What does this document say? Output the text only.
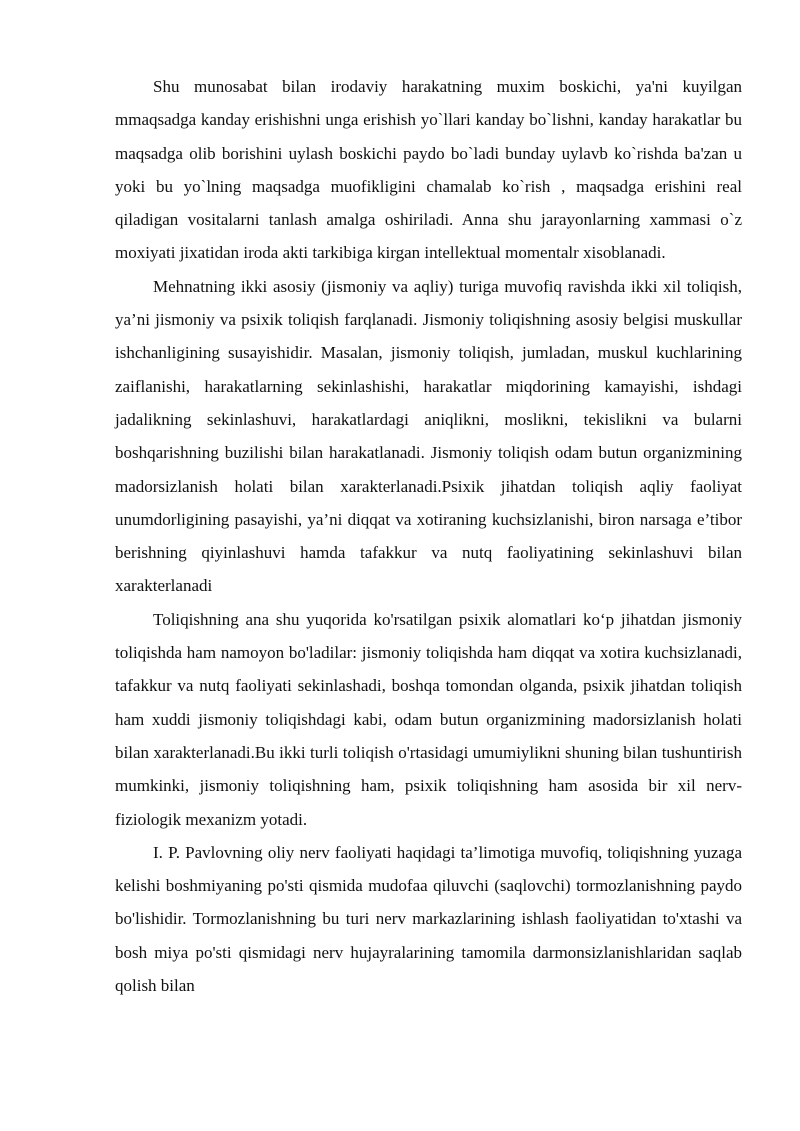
Shu munosabat bilan irodaviy harakatning muxim boskichi, ya'ni kuyilgan mmaqsadga kanday erishishni unga erishish yo`llari kanday bo`lishni, kanday harakatlar bu maqsadga olib borishini uylash boskichi paydo bo`ladi bunday uylavb ko`rishda ba'zan u yoki bu yo`lning maqsadga muofikligini chamalab ko`rish , maqsadga erishini real qiladigan vositalarni tanlash amalga oshiriladi. Anna shu jarayonlarning xammasi o`z moxiyati jixatidan iroda akti tarkibiga kirgan intellektual momentalr xisoblanadi.

Mehnatning ikki asosiy (jismoniy va aqliy) turiga muvofiq ravishda ikki xil toliqish, ya’ni jismoniy va psixik toliqish farqlanadi. Jismoniy toliqishning asosiy belgisi muskullar ishchanligining susayishidir. Masalan, jismoniy toliqish, jumladan, muskul kuchlarining zaiflanishi, harakatlarning sekinlashishi, harakatlar miqdorining kamayishi, ishdagi jadalikning sekinlashuvi, harakatlardagi aniqlikni, moslikni, tekislikni va bularni boshqarishning buzilishi bilan harakatlanadi. Jismoniy toliqish odam butun organizmining madorsizlanish holati bilan xarakterlanadi.Psixik jihatdan toliqish aqliy faoliyat unumdorligining pasayishi, ya’ni diqqat va xotiraning kuchsizlanishi, biron narsaga e’tibor berishning qiyinlashuvi hamda tafakkur va nutq faoliyatining sekinlashuvi bilan xarakterlanadi

Toliqishning ana shu yuqorida ko'rsatilgan psixik alomatlari ko‘p jihatdan jismoniy toliqishda ham namoyon bo'ladilar: jismoniy toliqishda ham diqqat va xotira kuchsizlanadi, tafakkur va nutq faoliyati sekinlashadi, boshqa tomondan olganda, psixik jihatdan toliqish ham xuddi jismoniy toliqishdagi kabi, odam butun organizmining madorsizlanish holati bilan xarakterlanadi.Bu ikki turli toliqish o'rtasidagi umumiylikni shuning bilan tushuntirish mumkinki, jismoniy toliqishning ham, psixik toliqishning ham asosida bir xil nerv-fiziologik mexanizm yotadi.

I. P. Pavlovning oliy nerv faoliyati haqidagi ta’limotiga muvofiq, toliqishning yuzaga kelishi boshmiyaning po'sti qismida mudofaa qiluvchi (saqlovchi) tormozlanishning paydo bo'lishidir. Tormozlanishning bu turi nerv markazlarining ishlash faoliyatidan to'xtashi va bosh miya po'sti qismidagi nerv hujayralarining tamomila darmonsizlanishlaridan saqlab qolish bilan
